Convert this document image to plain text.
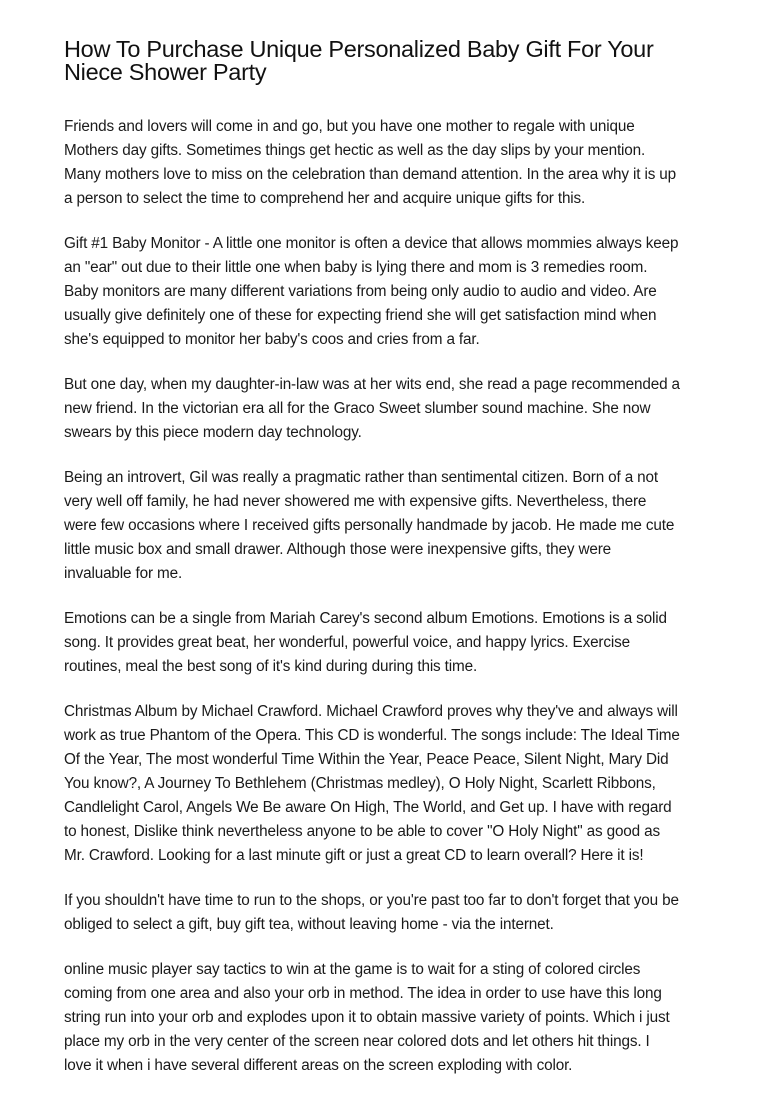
How To Purchase Unique Personalized Baby Gift For Your
Niece Shower Party

Friends and lovers will come in and go, but you have one mother to regale with unique
Mothers day gifts. Sometimes things get hectic as well as the day slips by your mention.
Many mothers love to miss on the celebration than demand attention. In the area why it is up
a person to select the time to comprehend her and acquire unique gifts for this.

Gift #1 Baby Monitor - A little one monitor is often a device that allows mommies always keep
an "ear" out due to their little one when baby is lying there and mom is 3 remedies room.
Baby monitors are many different variations from being only audio to audio and video. Are
usually give definitely one of these for expecting friend she will get satisfaction mind when
she's equipped to monitor her baby's coos and cries from a far.

But one day, when my daughter-in-law was at her wits end, she read a page recommended a
new friend. In the victorian era all for the Graco Sweet slumber sound machine. She now
swears by this piece modern day technology.

Being an introvert, Gil was really a pragmatic rather than sentimental citizen. Born of a not
very well off family, he had never showered me with expensive gifts. Nevertheless, there
were few occasions where I received gifts personally handmade by jacob. He made me cute
little music box and small drawer. Although those were inexpensive gifts, they were
invaluable for me.

Emotions can be a single from Mariah Carey's second album Emotions. Emotions is a solid
song. It provides great beat, her wonderful, powerful voice, and happy lyrics. Exercise
routines, meal the best song of it's kind during during this time.

Christmas Album by Michael Crawford. Michael Crawford proves why they've and always will
work as true Phantom of the Opera. This CD is wonderful. The songs include: The Ideal Time
Of the Year, The most wonderful Time Within the Year, Peace Peace, Silent Night, Mary Did
You know?, A Journey To Bethlehem (Christmas medley), O Holy Night, Scarlett Ribbons,
Candlelight Carol, Angels We Be aware On High, The World, and Get up. I have with regard
to honest, Dislike think nevertheless anyone to be able to cover "O Holy Night" as good as
Mr. Crawford. Looking for a last minute gift or just a great CD to learn overall? Here it is!

If you shouldn't have time to run to the shops, or you're past too far to don't forget that you be
obliged to select a gift, buy gift tea, without leaving home - via the internet.

online music player say tactics to win at the game is to wait for a sting of colored circles
coming from one area and also your orb in method. The idea in order to use have this long
string run into your orb and explodes upon it to obtain massive variety of points. Which i just
place my orb in the very center of the screen near colored dots and let others hit things. I
love it when i have several different areas on the screen exploding with color.
